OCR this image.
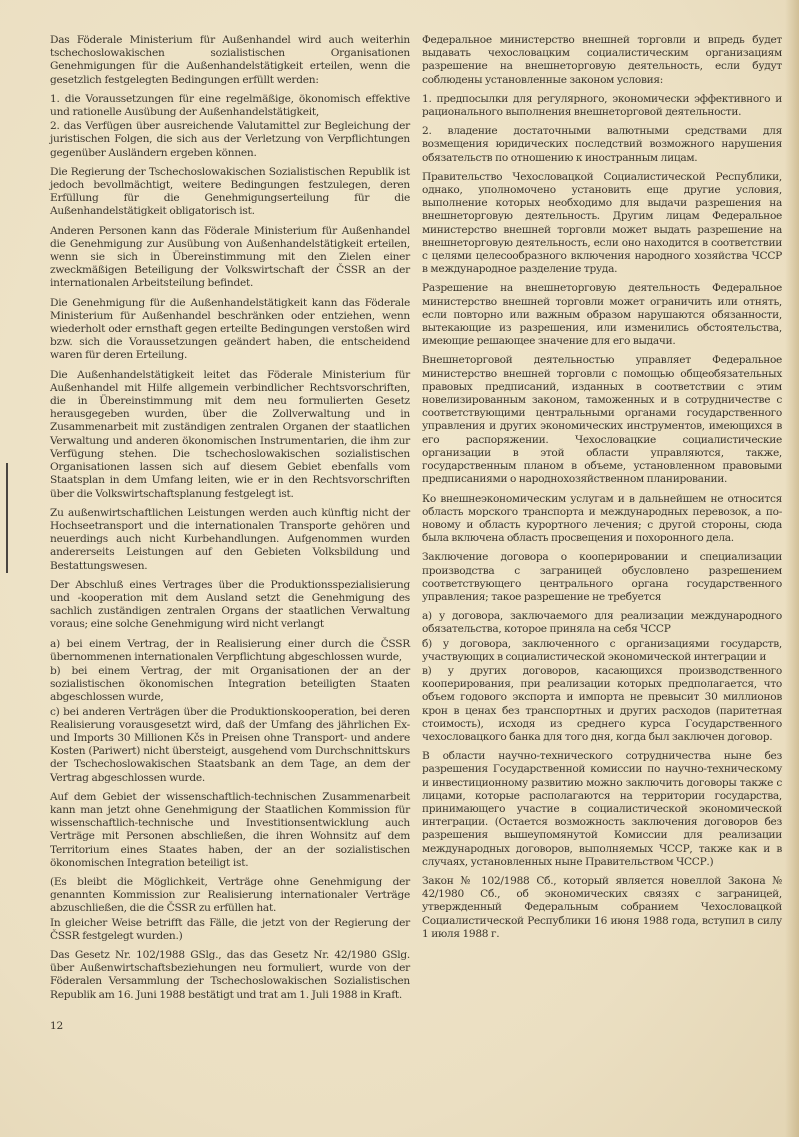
Das Föderale Ministerium für Außenhandel wird auch weiterhin tschechoslowakischen sozialistischen Organisationen Genehmigungen für die Außenhandelstätigkeit erteilen, wenn die gesetzlich festgelegten Bedingungen erfüllt werden:

1. die Voraussetzungen für eine regelmäßige, ökonomisch effektive und rationelle Ausübung der Außenhandelstätigkeit,

2. das Verfügen über ausreichende Valutamittel zur Begleichung der juristischen Folgen, die sich aus der Verletzung von Verpflichtungen gegenüber Ausländern ergeben können.

Die Regierung der Tschechoslowakischen Sozialistischen Republik ist jedoch bevollmächtigt, weitere Bedingungen festzulegen, deren Erfüllung für die Genehmigungserteilung für die Außenhandelstätigkeit obligatorisch ist.

Anderen Personen kann das Föderale Ministerium für Außenhandel die Genehmigung zur Ausübung von Außenhandelstätigkeit erteilen, wenn sie sich in Übereinstimmung mit den Zielen einer zweckmäßigen Beteiligung der Volkswirtschaft der ČSSR an der internationalen Arbeitsteilung befindet.

Die Genehmigung für die Außenhandelstätigkeit kann das Föderale Ministerium für Außenhandel beschränken oder entziehen, wenn wiederholt oder ernsthaft gegen erteilte Bedingungen verstoßen wird bzw. sich die Voraussetzungen geändert haben, die entscheidend waren für deren Erteilung.

Die Außenhandelstätigkeit leitet das Föderale Ministerium für Außenhandel mit Hilfe allgemein verbindlicher Rechtsvorschriften, die in Übereinstimmung mit dem neu formulierten Gesetz herausgegeben wurden, über die Zollverwaltung und in Zusammenarbeit mit zuständigen zentralen Organen der staatlichen Verwaltung und anderen ökonomischen Instrumentarien, die ihm zur Verfügung stehen. Die tschechoslowakischen sozialistischen Organisationen lassen sich auf diesem Gebiet ebenfalls vom Staatsplan in dem Umfang leiten, wie er in den Rechtsvorschriften über die Volkswirtschaftsplanung festgelegt ist.

Zu außenwirtschaftlichen Leistungen werden auch künftig nicht der Hochseetransport und die internationalen Transporte gehören und neuerdings auch nicht Kurbehandlungen. Aufgenommen wurden andererseits Leistungen auf den Gebieten Volksbildung und Bestattungswesen.

Der Abschluß eines Vertrages über die Produktionsspezialisierung und -kooperation mit dem Ausland setzt die Genehmigung des sachlich zuständigen zentralen Organs der staatlichen Verwaltung voraus; eine solche Genehmigung wird nicht verlangt

a) bei einem Vertrag, der in Realisierung einer durch die ČSSR übernommenen internationalen Verpflichtung abgeschlossen wurde,

b) bei einem Vertrag, der mit Organisationen der an der sozialistischen ökonomischen Integration beteiligten Staaten abgeschlossen wurde,

c) bei anderen Verträgen über die Produktionskooperation, bei deren Realisierung vorausgesetzt wird, daß der Umfang des jährlichen Ex- und Imports 30 Millionen Kčs in Preisen ohne Transport- und andere Kosten (Pariwert) nicht übersteigt, ausgehend vom Durchschnittskurs der Tschechoslowakischen Staatsbank an dem Tage, an dem der Vertrag abgeschlossen wurde.

Auf dem Gebiet der wissenschaftlich-technischen Zusammenarbeit kann man jetzt ohne Genehmigung der Staatlichen Kommission für wissenschaftlich-technische und Investitionsentwicklung auch Verträge mit Personen abschließen, die ihren Wohnsitz auf dem Territorium eines Staates haben, der an der sozialistischen ökonomischen Integration beteiligt ist.

(Es bleibt die Möglichkeit, Verträge ohne Genehmigung der genannten Kommission zur Realisierung internationaler Verträge abzuschließen, die die ČSSR zu erfüllen hat.

In gleicher Weise betrifft das Fälle, die jetzt von der Regierung der ČSSR festgelegt wurden.)

Das Gesetz Nr. 102/1988 GSlg., das das Gesetz Nr. 42/1980 GSlg. über Außenwirtschaftsbeziehungen neu formuliert, wurde von der Föderalen Versammlung der Tschechoslowakischen Sozialistischen Republik am 16. Juni 1988 bestätigt und trat am 1. Juli 1988 in Kraft.

12

Федеральное министерство внешней торговли и впредь будет выдавать чехословацким социалистическим организациям разрешение на внешнеторговую деятельность, если будут соблюдены установленные законом условия:

1. предпосылки для регулярного, экономически эффективного и рационального выполнения внешнеторговой деятельности.

2. владение достаточными валютными средствами для возмещения юридических последствий возможного нарушения обязательств по отношению к иностранным лицам.

Правительство Чехословацкой Социалистической Республики, однако, уполномочено установить еще другие условия, выполнение которых необходимо для выдачи разрешения на внешнеторговую деятельность. Другим лицам Федеральное министерство внешней торговли может выдать разрешение на внешнеторговую деятельность, если оно находится в соответствии с целями целесообразного включения народного хозяйства ЧССР в международное разделение труда.

Разрешение на внешнеторговую деятельность Федеральное министерство внешней торговли может ограничить или отнять, если повторно или важным образом нарушаются обязанности, вытекающие из разрешения, или изменились обстоятельства, имеющие решающее значение для его выдачи.

Внешнеторговой деятельностью управляет Федеральное министерство внешней торговли с помощью общеобязательных правовых предписаний, изданных в соответствии с этим новелизированным законом, таможенных и в сотрудничестве с соответствующими центральными органами государственного управления и других экономических инструментов, имеющихся в его распоряжении. Чехословацкие социалистические организации в этой области управляются, также, государственным планом в объеме, установленном правовыми предписаниями о народнохозяйственном планировании.

Ко внешнеэкономическим услугам и в дальнейшем не относится область морского транспорта и международных перевозок, а по-новому и область курортного лечения; с другой стороны, сюда была включена область просвещения и похоронного дела.

Заключение договора о кооперировании и специализации производства с заграницей обусловлено разрешением соответствующего центрального органа государственного управления; такое разрешение не требуется

а) у договора, заключаемого для реализации международного обязательства, которое приняла на себя ЧССР

б) у договора, заключенного с организациями государств, участвующих в социалистической экономической интеграции и

в) у других договоров, касающихся производственного кооперирования, при реализации которых предполагается, что объем годового экспорта и импорта не превысит 30 миллионов крон в ценах без транспортных и других расходов (паритетная стоимость), исходя из среднего курса Государственного чехословацкого банка для того дня, когда был заключен договор.

В области научно-технического сотрудничества ныне без разрешения Государственной комиссии по научно-техническому и инвестиционному развитию можно заключить договоры также с лицами, которые располагаются на территории государства, принимающего участие в социалистической экономической интеграции. (Остается возможность заключения договоров без разрешения вышеупомянутой Комиссии для реализации международных договоров, выполняемых ЧССР, также как и в случаях, установленных ныне Правительством ЧССР.)

Закон № 102/1988 Сб., который является новеллой Закона № 42/1980 Сб., об экономических связях с заграницей, утвержденный Федеральным собранием Чехословацкой Социалистической Республики 16 июня 1988 года, вступил в силу 1 июля 1988 г.
